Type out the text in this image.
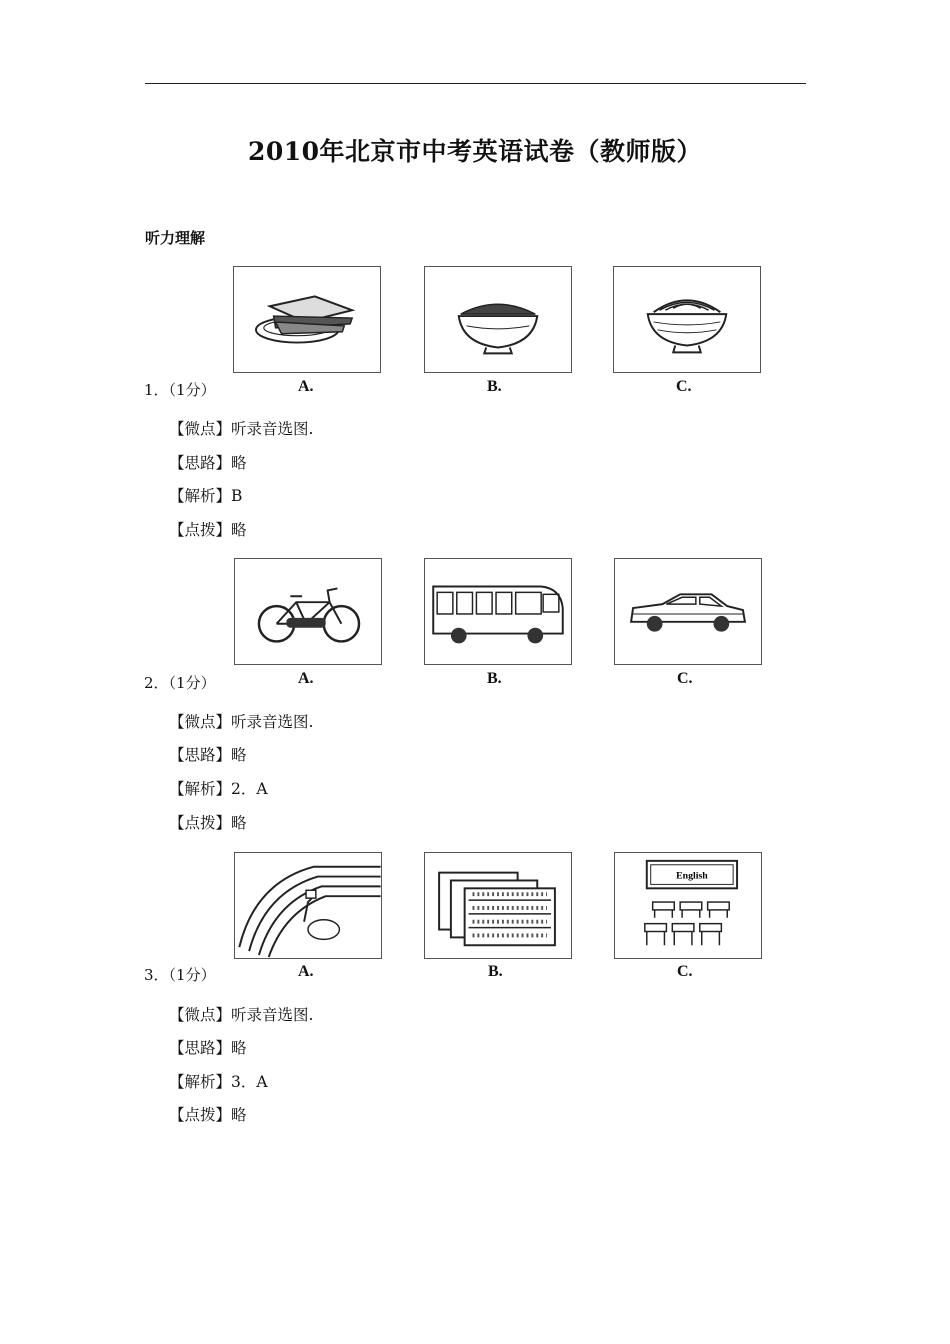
2010年北京市中考英语试卷（教师版）
听力理解
1．（1分）	A.	B.	C.
【微点】听录音选图.
【思路】略
【解析】B
【点拨】略
2．（1分）	A.	B.	C.
【微点】听录音选图.
【思路】略
【解析】2．A
【点拨】略
English
3．（1分）	A.	B.	C.
【微点】听录音选图.
【思路】略
【解析】3．A
【点拨】略
